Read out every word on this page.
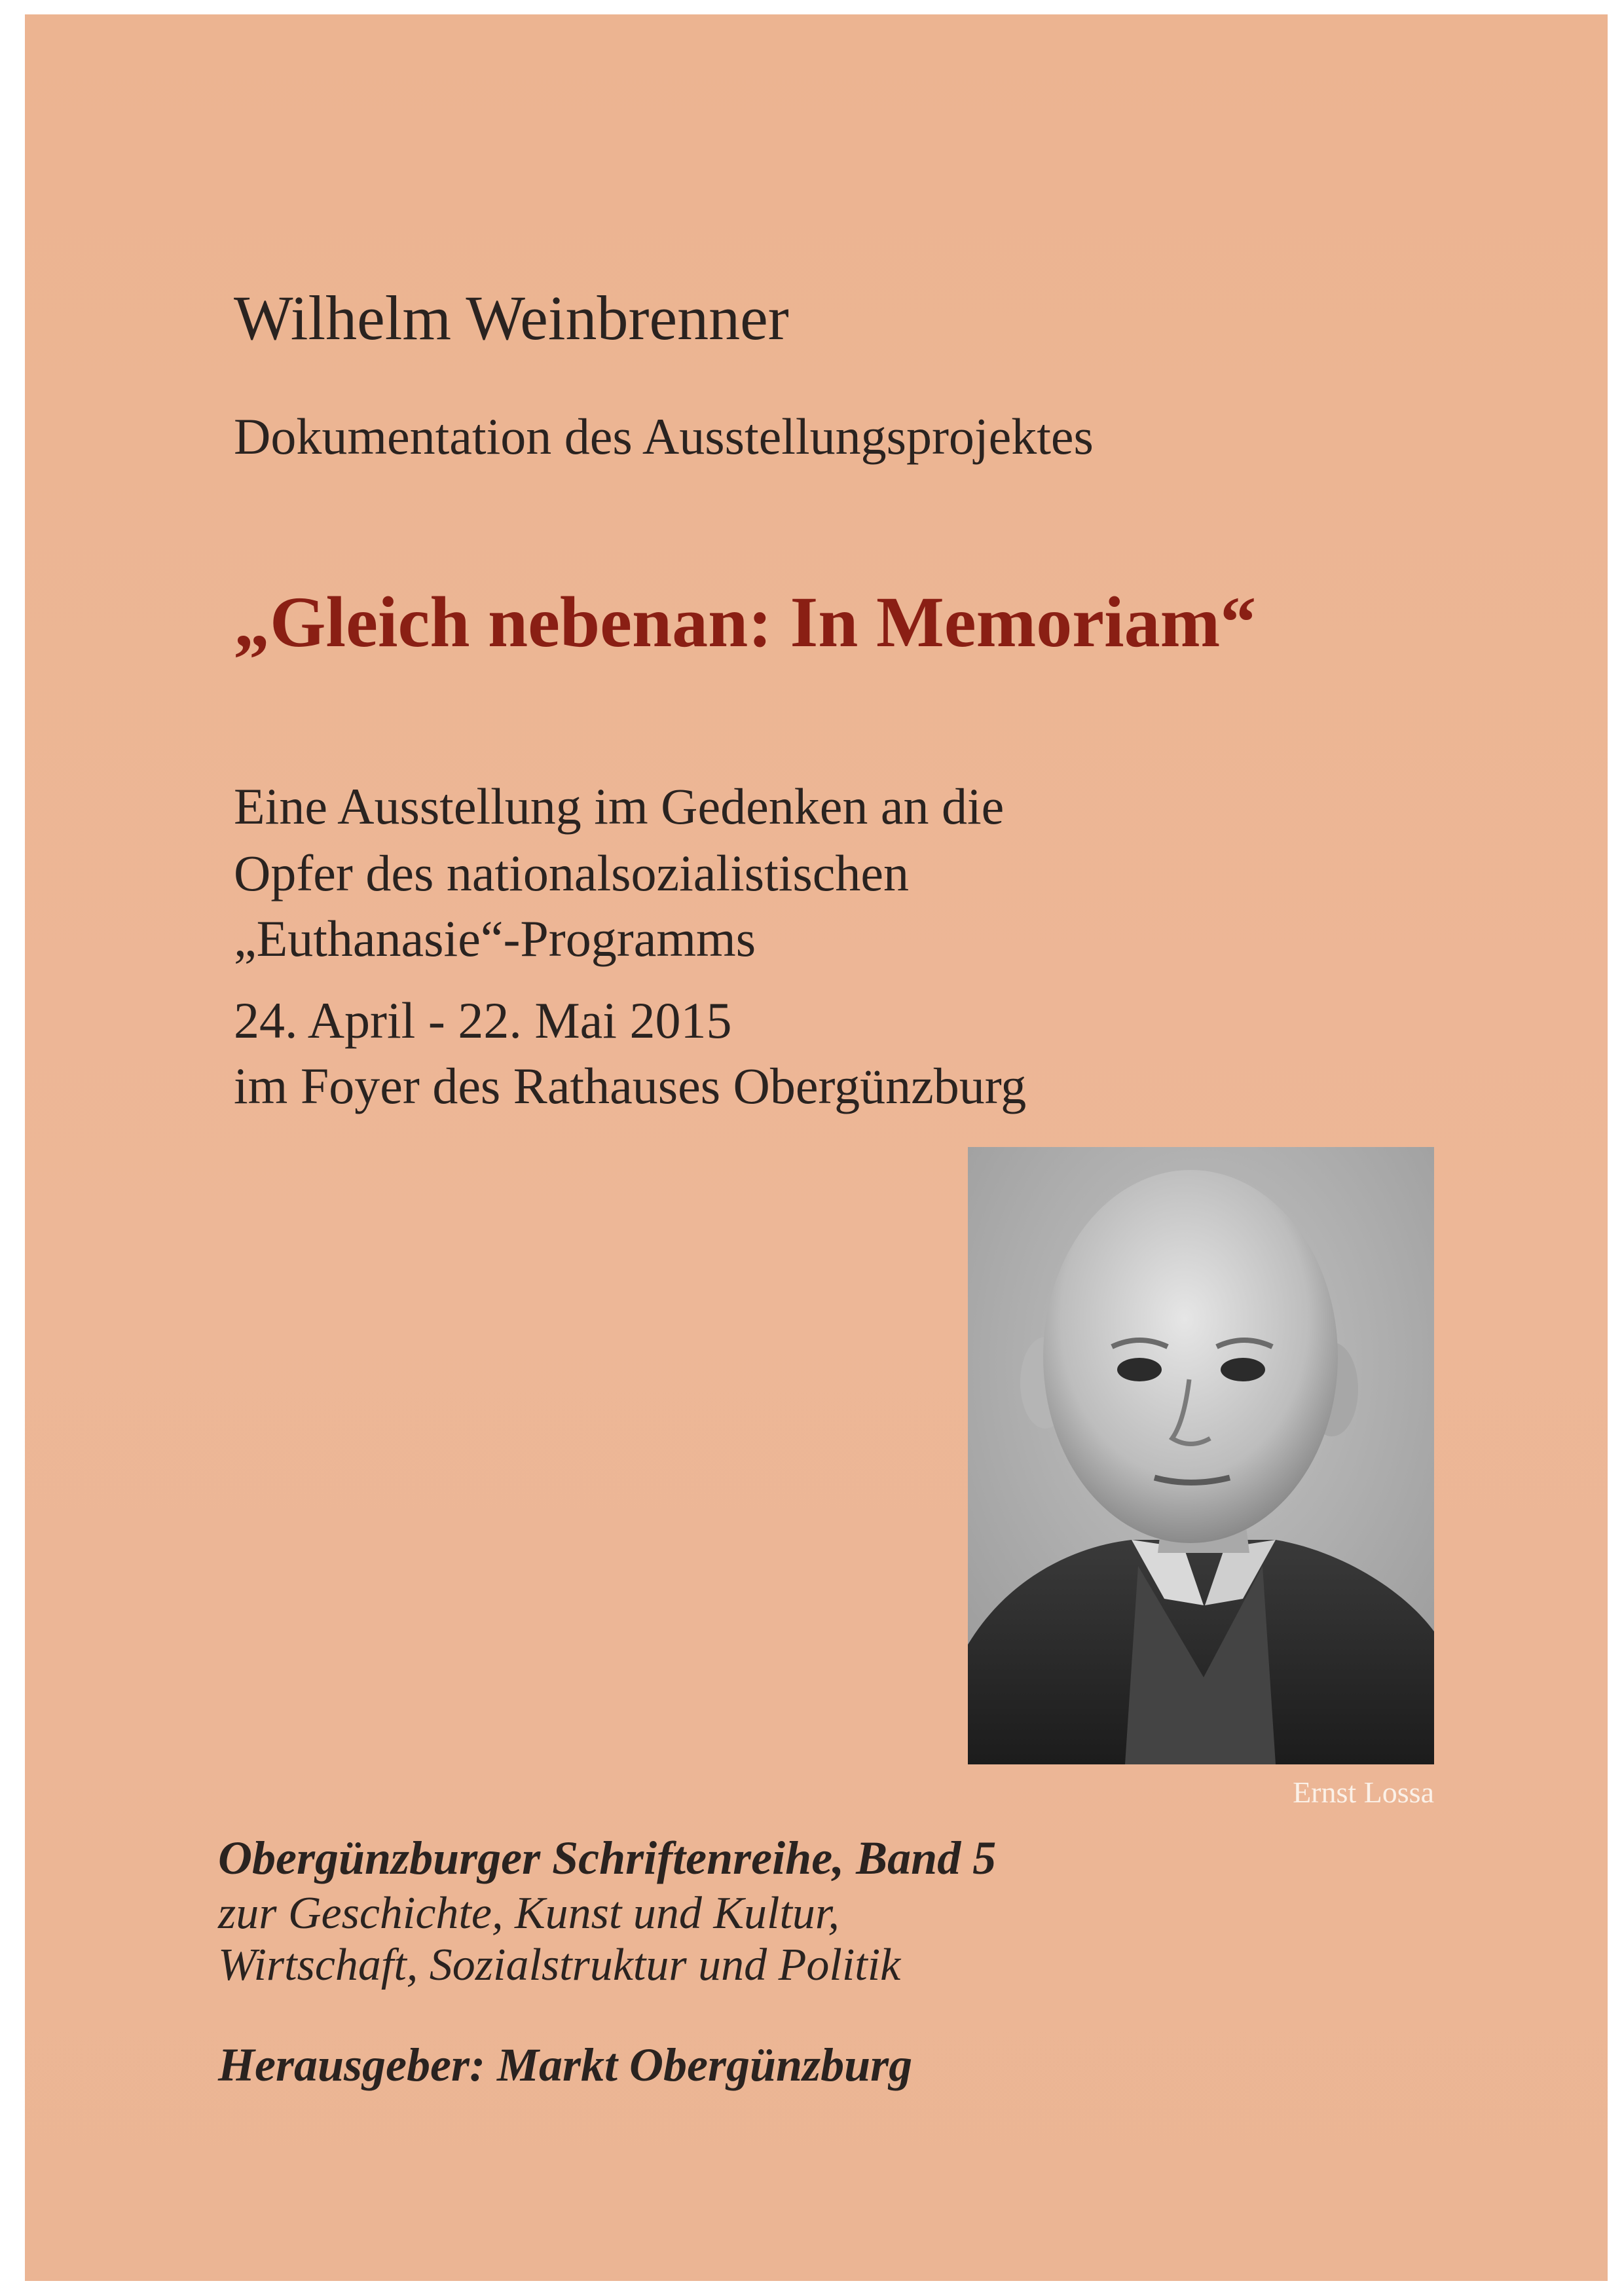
Wilhelm Weinbrenner
Dokumentation des Ausstellungsprojektes
„Gleich nebenan: In Memoriam“
Eine Ausstellung im Gedenken an die
Opfer des nationalsozialistischen
„Euthanasie“-Programms
24. April - 22. Mai 2015
im Foyer des Rathauses Obergünzburg
Ernst Lossa
Obergünzburger Schriftenreihe, Band 5
zur Geschichte, Kunst und Kultur,
Wirtschaft, Sozialstruktur und Politik
Herausgeber: Markt Obergünzburg
